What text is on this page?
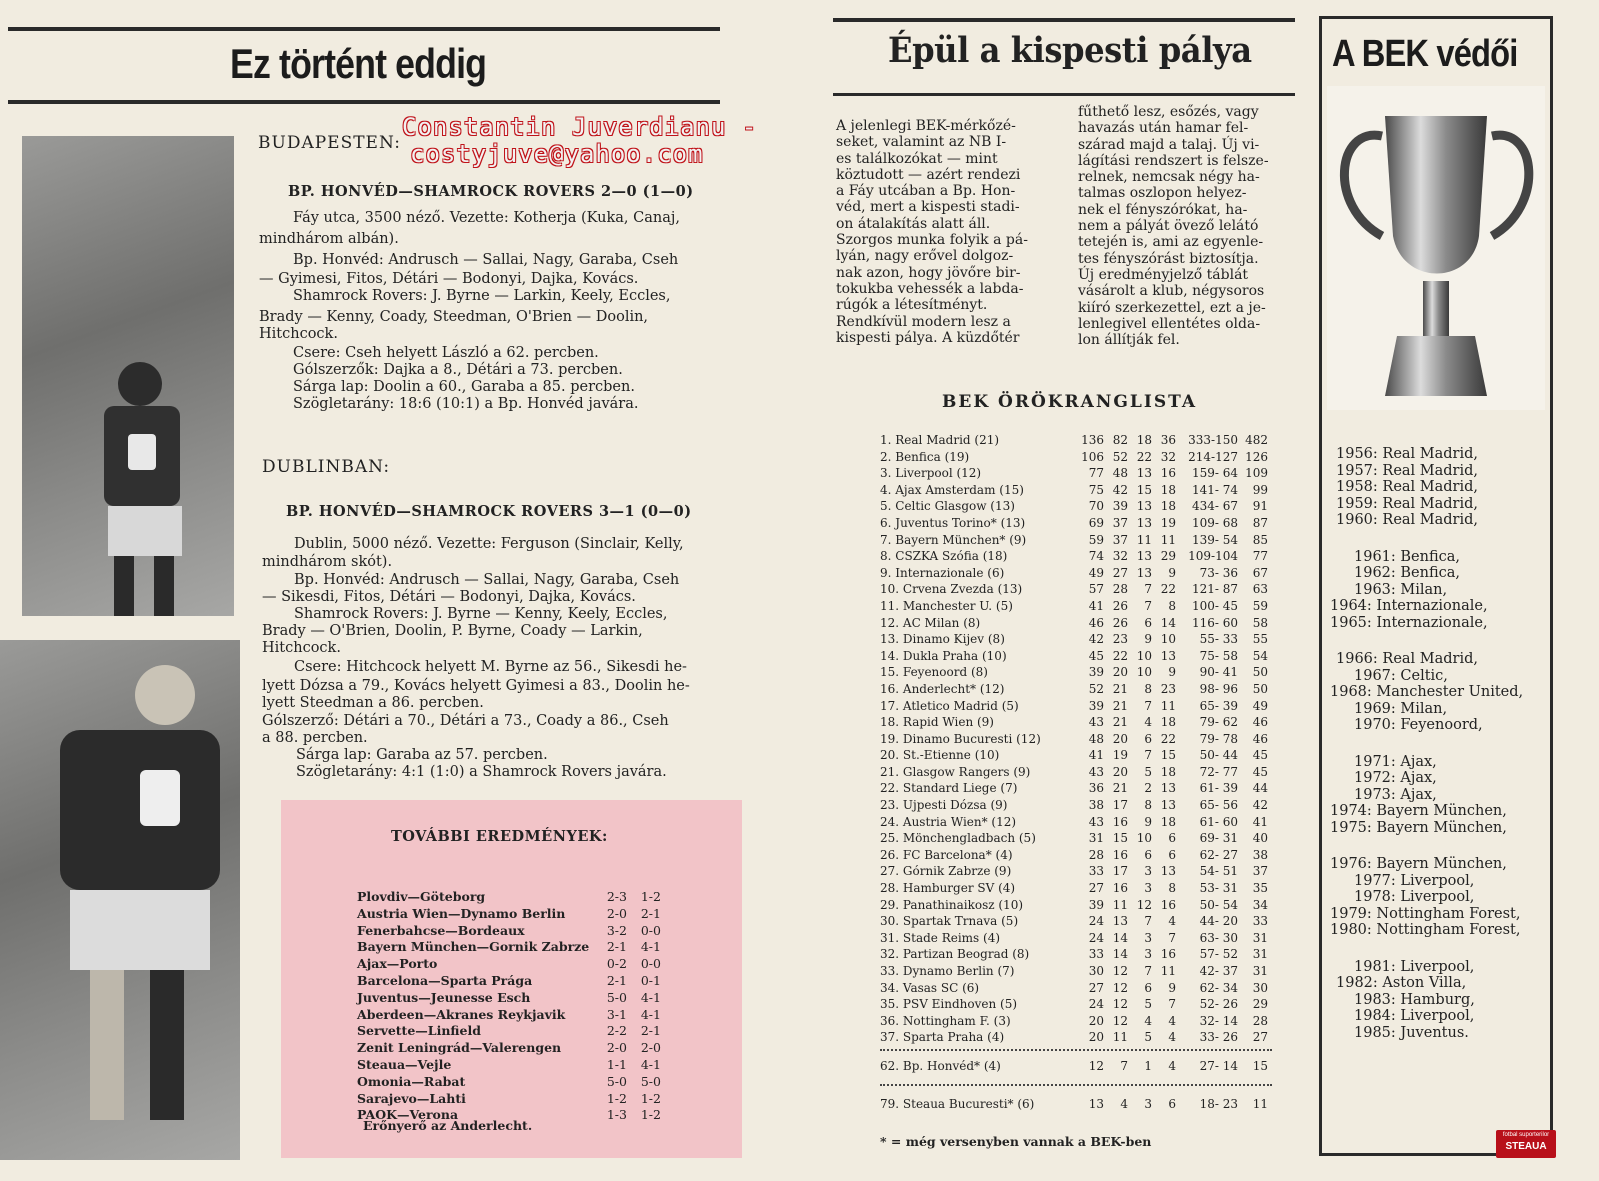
Ez történt eddig
BUDAPESTEN:
BP. HONVÉD—SHAMROCK ROVERS 2—0 (1—0)
Fáy utca, 3500 néző. Vezette: Kotherja (Kuka, Canaj,
mindhárom albán).
Bp. Honvéd: Andrusch — Sallai, Nagy, Garaba, Cseh
— Gyimesi, Fitos, Détári — Bodonyi, Dajka, Kovács.
Shamrock Rovers: J. Byrne — Larkin, Keely, Eccles,
Brady — Kenny, Coady, Steedman, O'Brien — Doolin,
Hitchcock.
Csere: Cseh helyett László a 62. percben.
Gólszerzők: Dajka a 8., Détári a 73. percben.
Sárga lap: Doolin a 60., Garaba a 85. percben.
Szögletarány: 18:6 (10:1) a Bp. Honvéd javára.
DUBLINBAN:
BP. HONVÉD—SHAMROCK ROVERS 3—1 (0—0)
Dublin, 5000 néző. Vezette: Ferguson (Sinclair, Kelly,
mindhárom skót).
Bp. Honvéd: Andrusch — Sallai, Nagy, Garaba, Cseh
— Sikesdi, Fitos, Détári — Bodonyi, Dajka, Kovács.
Shamrock Rovers: J. Byrne — Kenny, Keely, Eccles,
Brady — O'Brien, Doolin, P. Byrne, Coady — Larkin,
Hitchcock.
Csere: Hitchcock helyett M. Byrne az 56., Sikesdi he-
lyett Dózsa a 79., Kovács helyett Gyimesi a 83., Doolin he-
lyett Steedman a 86. percben.
Gólszerző: Détári a 70., Détári a 73., Coady a 86., Cseh
a 88. percben.
Sárga lap: Garaba az 57. percben.
Szögletarány: 4:1 (1:0) a Shamrock Rovers javára.
TOVÁBBI EREDMÉNYEK:
Plovdiv—Göteborg	2-3	1-2
Austria Wien—Dynamo Berlin	2-0	2-1
Fenerbahcse—Bordeaux	3-2	0-0
Bayern München—Gornik Zabrze	2-1	4-1
Ajax—Porto	0-2	0-0
Barcelona—Sparta Prága	2-1	0-1
Juventus—Jeunesse Esch	5-0	4-1
Aberdeen—Akranes Reykjavik	3-1	4-1
Servette—Linfield	2-2	2-1
Zenit Leningrád—Valerengen	2-0	2-0
Steaua—Vejle	1-1	4-1
Omonia—Rabat	5-0	5-0
Sarajevo—Lahti	1-2	1-2
PAOK—Verona	1-3	1-2
Erőnyerő az Anderlecht.
Constantin Juverdianu -
costyjuve@yahoo.com
Épül a kispesti pálya
A jelenlegi BEK-mérkőzé-
seket, valamint az NB I-
es találkozókat — mint
köztudott — azért rendezi
a Fáy utcában a Bp. Hon-
véd, mert a kispesti stadi-
on átalakítás alatt áll.
Szorgos munka folyik a pá-
lyán, nagy erővel dolgoz-
nak azon, hogy jövőre bir-
tokukba vehessék a labda-
rúgók a létesítményt.
Rendkívül modern lesz a
kispesti pálya. A küzdőtér
fűthető lesz, esőzés, vagy
havazás után hamar fel-
szárad majd a talaj. Új vi-
lágítási rendszert is felsze-
relnek, nemcsak négy ha-
talmas oszlopon helyez-
nek el fényszórókat, ha-
nem a pályát övező lelátó
tetején is, ami az egyenle-
tes fényszórást biztosítja.
Új eredményjelző táblát
vásárolt a klub, négysoros
kiíró szerkezettel, ezt a je-
lenlegivel ellentétes olda-
lon állítják fel.
BEK ÖRÖKRANGLISTA
1. Real Madrid (21)	136 82 18 36	333-150 482
2. Benfica (19)	106 52 22 32	214-127 126
3. Liverpool (12)	77 48 13 16	159- 64 109
4. Ajax Amsterdam (15)	75 42 15 18	141- 74	99
5. Celtic Glasgow (13)	70 39 13 18	434- 67	91
6. Juventus Torino* (13)	69 37 13 19	109- 68	87
7. Bayern München* (9)	59 37 11 11	139- 54	85
8. CSZKA Szófia (18)	74 32 13 29	109-104	77
9. Internazionale (6)	49 27 13	9	73- 36	67
10. Crvena Zvezda (13)	57 28	7 22	121- 87	63
11. Manchester U. (5)	41 26	7	8	100- 45	59
12. AC Milan (8)	46 26	6 14	116- 60	58
13. Dinamo Kijev (8)	42 23	9 10	55- 33	55
14. Dukla Praha (10)	45 22 10 13	75- 58	54
15. Feyenoord (8)	39 20 10	9	90- 41	50
16. Anderlecht* (12)	52 21	8 23	98- 96	50
17. Atletico Madrid (5)	39 21	7 11	65- 39	49
18. Rapid Wien (9)	43 21	4 18	79- 62	46
19. Dinamo Bucuresti (12)	48 20	6 22	79- 78	46
20. St.-Etienne (10)	41 19	7 15	50- 44	45
21. Glasgow Rangers (9)	43 20	5 18	72- 77	45
22. Standard Liege (7)	36 21	2 13	61- 39	44
23. Ujpesti Dózsa (9)	38 17	8 13	65- 56	42
24. Austria Wien* (12)	43 16	9 18	61- 60	41
25. Mönchengladbach (5)	31 15 10	6	69- 31	40
26. FC Barcelona* (4)	28 16	6	6	62- 27	38
27. Górnik Zabrze (9)	33 17	3 13	54- 51	37
28. Hamburger SV (4)	27 16	3	8	53- 31	35
29. Panathinaikosz (10)	39 11 12 16	50- 54	34
30. Spartak Trnava (5)	24 13	7	4	44- 20	33
31. Stade Reims (4)	24 14	3	7	63- 30	31
32. Partizan Beograd (8)	33 14	3 16	57- 52	31
33. Dynamo Berlin (7)	30 12	7 11	42- 37	31
34. Vasas SC (6)	27 12	6	9	62- 34	30
35. PSV Eindhoven (5)	24 12	5	7	52- 26	29
36. Nottingham F. (3)	20 12	4	4	32- 14	28
37. Sparta Praha (4)	20 11	5	4	33- 26	27
62. Bp. Honvéd* (4)	12	7	1	4	27- 14	15
79. Steaua Bucuresti* (6)	13	4	3	6	18- 23	11
* = még versenyben vannak a BEK-ben
A BEK védői
1956: Real Madrid,
1957: Real Madrid,
1958: Real Madrid,
1959: Real Madrid,
1960: Real Madrid,
1961: Benfica,
1962: Benfica,
1963: Milan,
1964: Internazionale,
1965: Internazionale,
1966: Real Madrid,
1967: Celtic,
1968: Manchester United,
1969: Milan,
1970: Feyenoord,
1971: Ajax,
1972: Ajax,
1973: Ajax,
1974: Bayern München,
1975: Bayern München,
1976: Bayern München,
1977: Liverpool,
1978: Liverpool,
1979: Nottingham Forest,
1980: Nottingham Forest,
1981: Liverpool,
1982: Aston Villa,
1983: Hamburg,
1984: Liverpool,
1985: Juventus.
fotbal suporterilor
STEAUA
